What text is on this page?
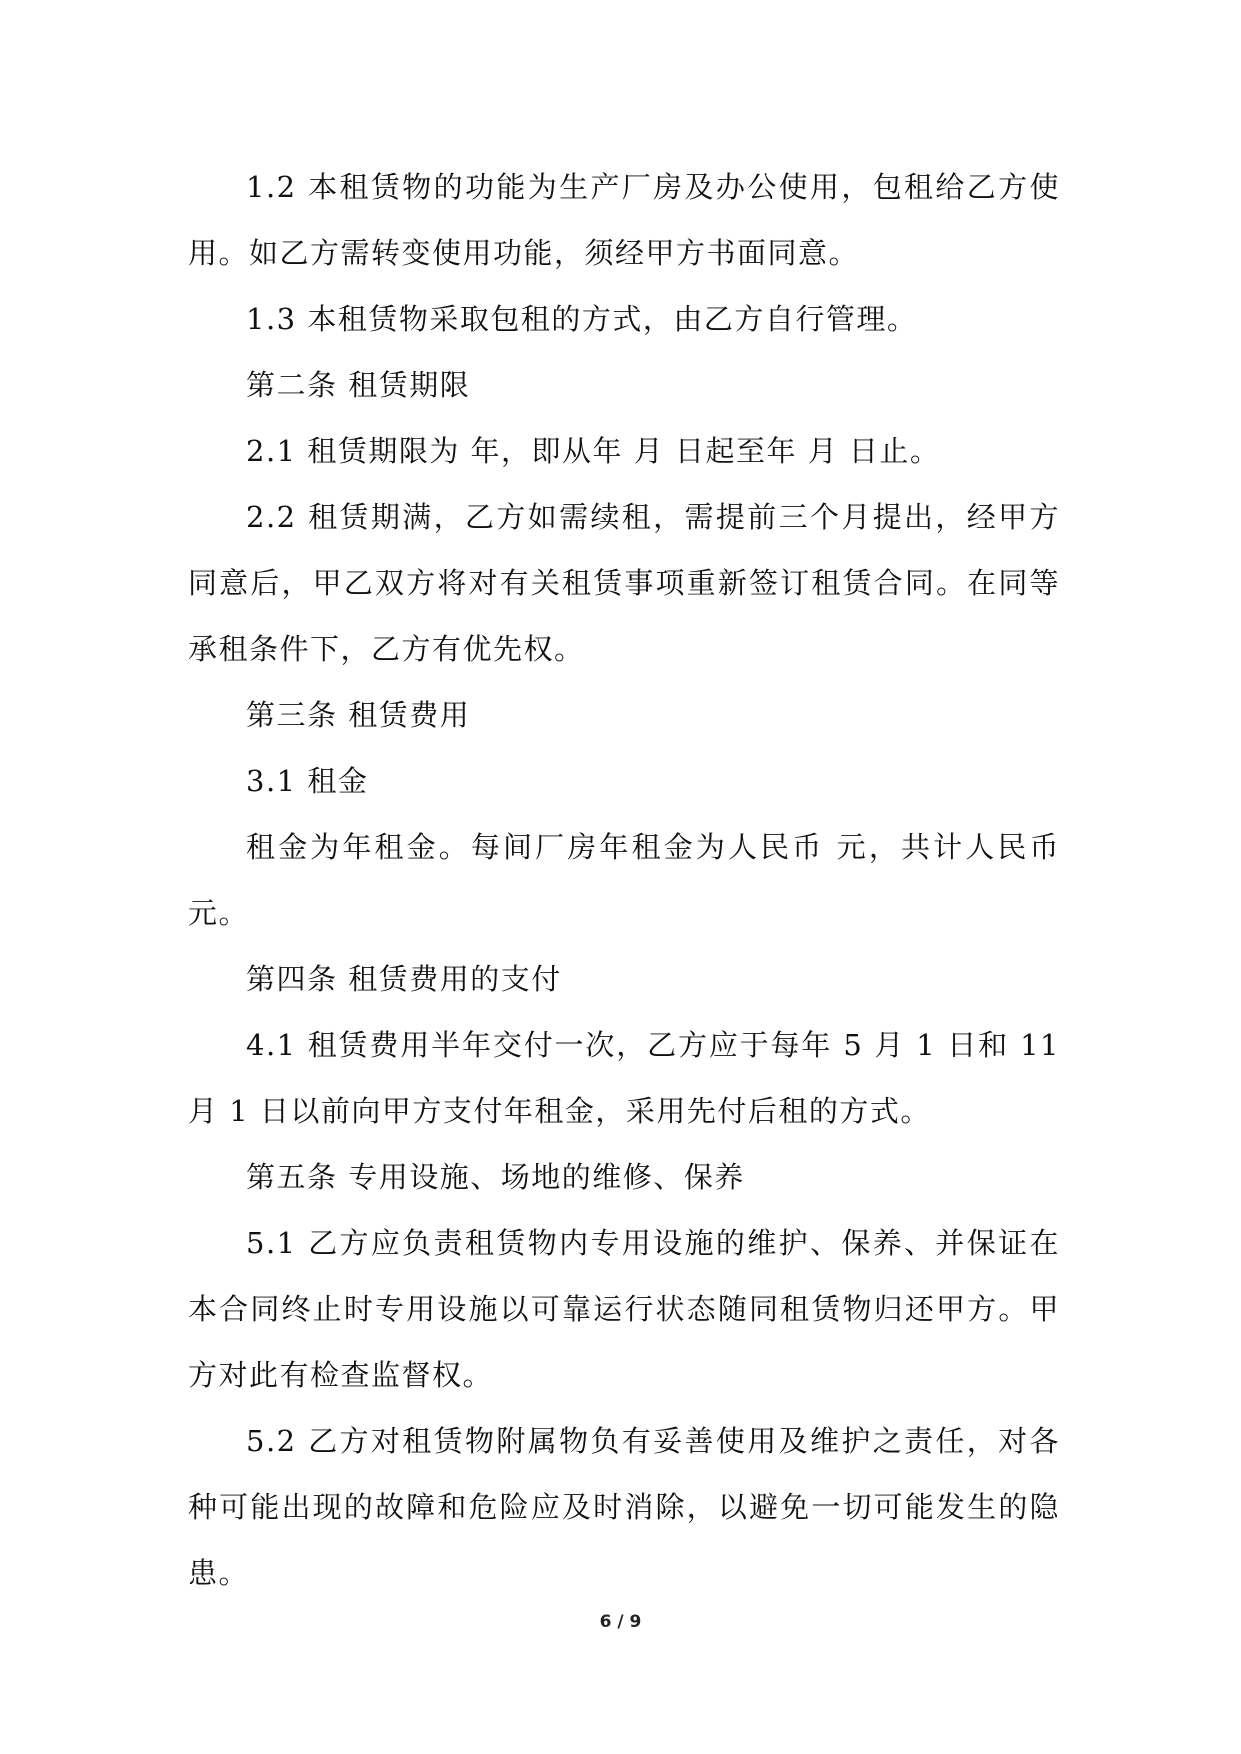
1.2 本租赁物的功能为生产厂房及办公使用，包租给乙方使用。如乙方需转变使用功能，须经甲方书面同意。

1.3 本租赁物采取包租的方式，由乙方自行管理。

第二条 租赁期限

2.1 租赁期限为 年，即从年 月 日起至年 月 日止。

2.2 租赁期满，乙方如需续租，需提前三个月提出，经甲方同意后，甲乙双方将对有关租赁事项重新签订租赁合同。在同等承租条件下，乙方有优先权。

第三条 租赁费用

3.1 租金

租金为年租金。每间厂房年租金为人民币 元，共计人民币元。

第四条 租赁费用的支付

4.1 租赁费用半年交付一次，乙方应于每年 5 月 1 日和 11 月 1 日以前向甲方支付年租金，采用先付后租的方式。

第五条 专用设施、场地的维修、保养

5.1 乙方应负责租赁物内专用设施的维护、保养、并保证在本合同终止时专用设施以可靠运行状态随同租赁物归还甲方。甲方对此有检查监督权。

5.2 乙方对租赁物附属物负有妥善使用及维护之责任，对各种可能出现的故障和危险应及时消除，以避免一切可能发生的隐患。

6 / 9
